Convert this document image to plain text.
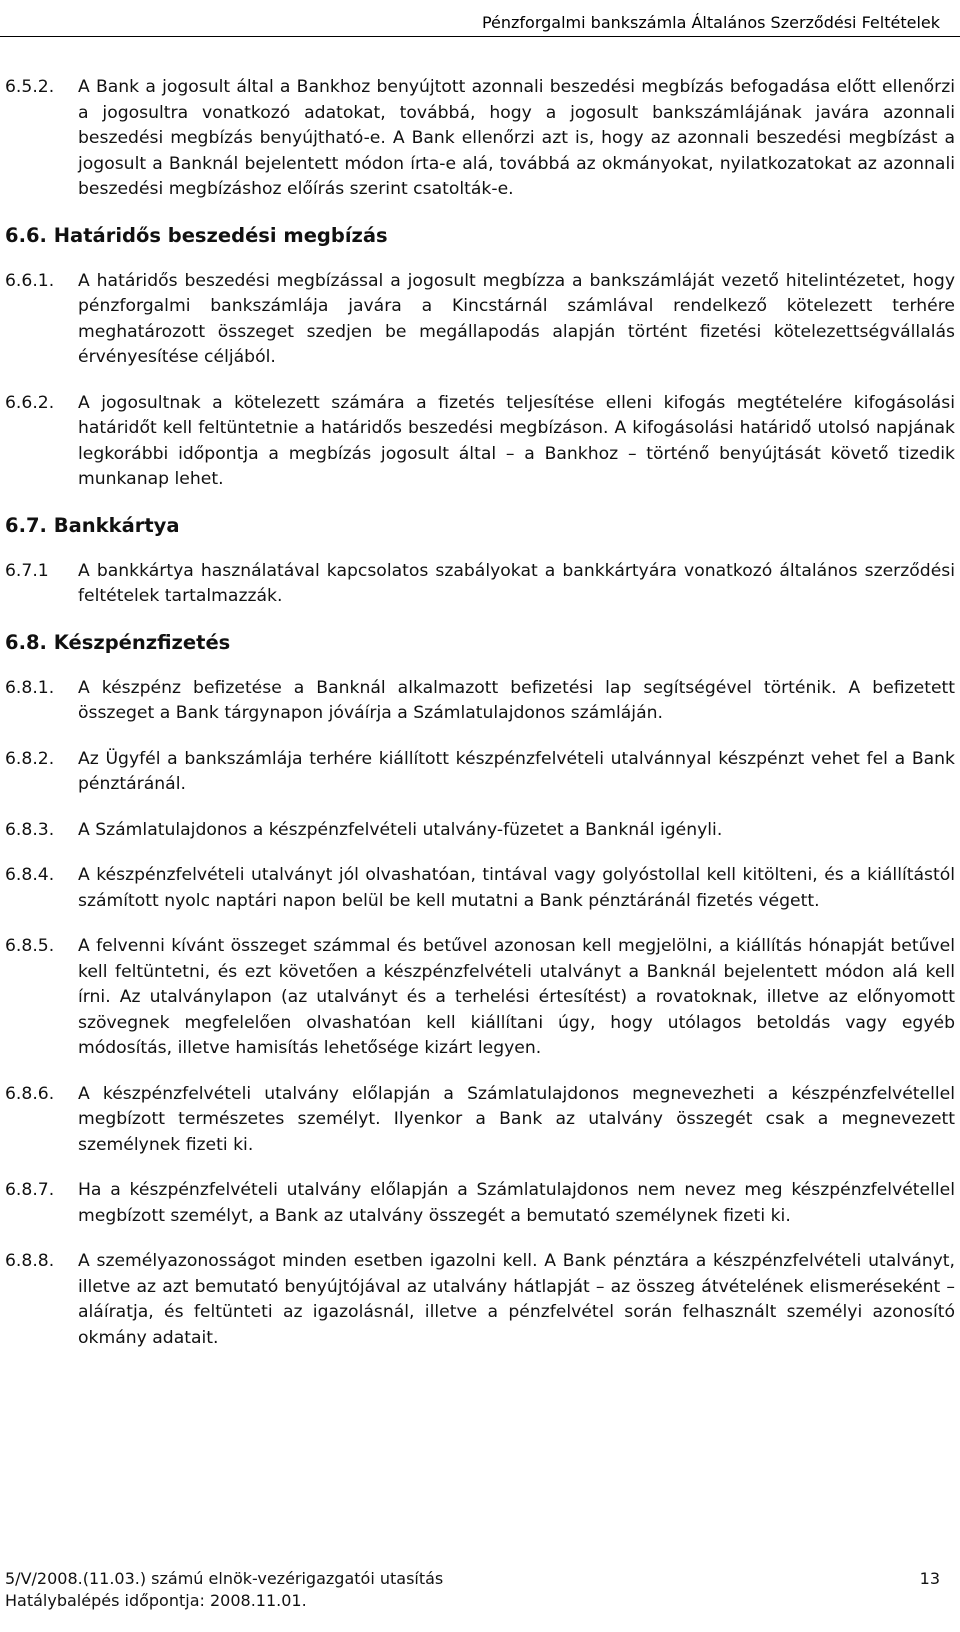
Pénzforgalmi bankszámla Általános Szerződési Feltételek
6.5.2.	A Bank a jogosult által a Bankhoz benyújtott azonnali beszedési megbízás befogadása előtt ellenőrzi a jogosultra vonatkozó adatokat, továbbá, hogy a jogosult bankszámlájának javára azonnali beszedési megbízás benyújtható-e. A Bank ellenőrzi azt is, hogy az azonnali beszedési megbízást a jogosult a Banknál bejelentett módon írta-e alá, továbbá az okmányokat, nyilatkozatokat az azonnali beszedési megbízáshoz előírás szerint csatolták-e.
6.6. Határidős beszedési megbízás
6.6.1.	A határidős beszedési megbízással a jogosult megbízza a bankszámláját vezető hitelintézetet, hogy pénzforgalmi bankszámlája javára a Kincstárnál számlával rendelkező kötelezett terhére meghatározott összeget szedjen be megállapodás alapján történt fizetési kötelezettségvállalás érvényesítése céljából.
6.6.2.	A jogosultnak a kötelezett számára a fizetés teljesítése elleni kifogás megtételére kifogásolási határidőt kell feltüntetnie a határidős beszedési megbízáson. A kifogásolási határidő utolsó napjának legkorábbi időpontja a megbízás jogosult által – a Bankhoz – történő benyújtását követő tizedik munkanap lehet.
6.7. Bankkártya
6.7.1	A bankkártya használatával kapcsolatos szabályokat a bankkártyára vonatkozó általános szerződési feltételek tartalmazzák.
6.8. Készpénzfizetés
6.8.1.	A készpénz befizetése a Banknál alkalmazott befizetési lap segítségével történik. A befizetett összeget a Bank tárgynapon jóváírja a Számlatulajdonos számláján.
6.8.2.	Az Ügyfél a bankszámlája terhére kiállított készpénzfelvételi utalvánnyal készpénzt vehet fel a Bank pénztáránál.
6.8.3.	A Számlatulajdonos a készpénzfelvételi utalvány-füzetet a Banknál igényli.
6.8.4.	A készpénzfelvételi utalványt jól olvashatóan, tintával vagy golyóstollal kell kitölteni, és a kiállítástól számított nyolc naptári napon belül be kell mutatni a Bank pénztáránál fizetés végett.
6.8.5.	A felvenni kívánt összeget számmal és betűvel azonosan kell megjelölni, a kiállítás hónapját betűvel kell feltüntetni, és ezt követően a készpénzfelvételi utalványt a Banknál bejelentett módon alá kell írni. Az utalványlapon (az utalványt és a terhelési értesítést) a rovatoknak, illetve az előnyomott szövegnek megfelelően olvashatóan kell kiállítani úgy, hogy utólagos betoldás vagy egyéb módosítás, illetve hamisítás lehetősége kizárt legyen.
6.8.6.	A készpénzfelvételi utalvány előlapján a Számlatulajdonos megnevezheti a készpénzfelvétellel megbízott természetes személyt. Ilyenkor a Bank az utalvány összegét csak a megnevezett személynek fizeti ki.
6.8.7.	Ha a készpénzfelvételi utalvány előlapján a Számlatulajdonos nem nevez meg készpénzfelvétellel megbízott személyt, a Bank az utalvány összegét a bemutató személynek fizeti ki.
6.8.8.	A személyazonosságot minden esetben igazolni kell. A Bank pénztára a készpénzfelvételi utalványt, illetve az azt bemutató benyújtójával az utalvány hátlapját – az összeg átvételének elismeréseként – aláíratja, és feltünteti az igazolásnál, illetve a pénzfelvétel során felhasznált személyi azonosító okmány adatait.
5/V/2008.(11.03.) számú elnök-vezérigazgatói utasítás
Hatálybalépés időpontja: 2008.11.01.
13
